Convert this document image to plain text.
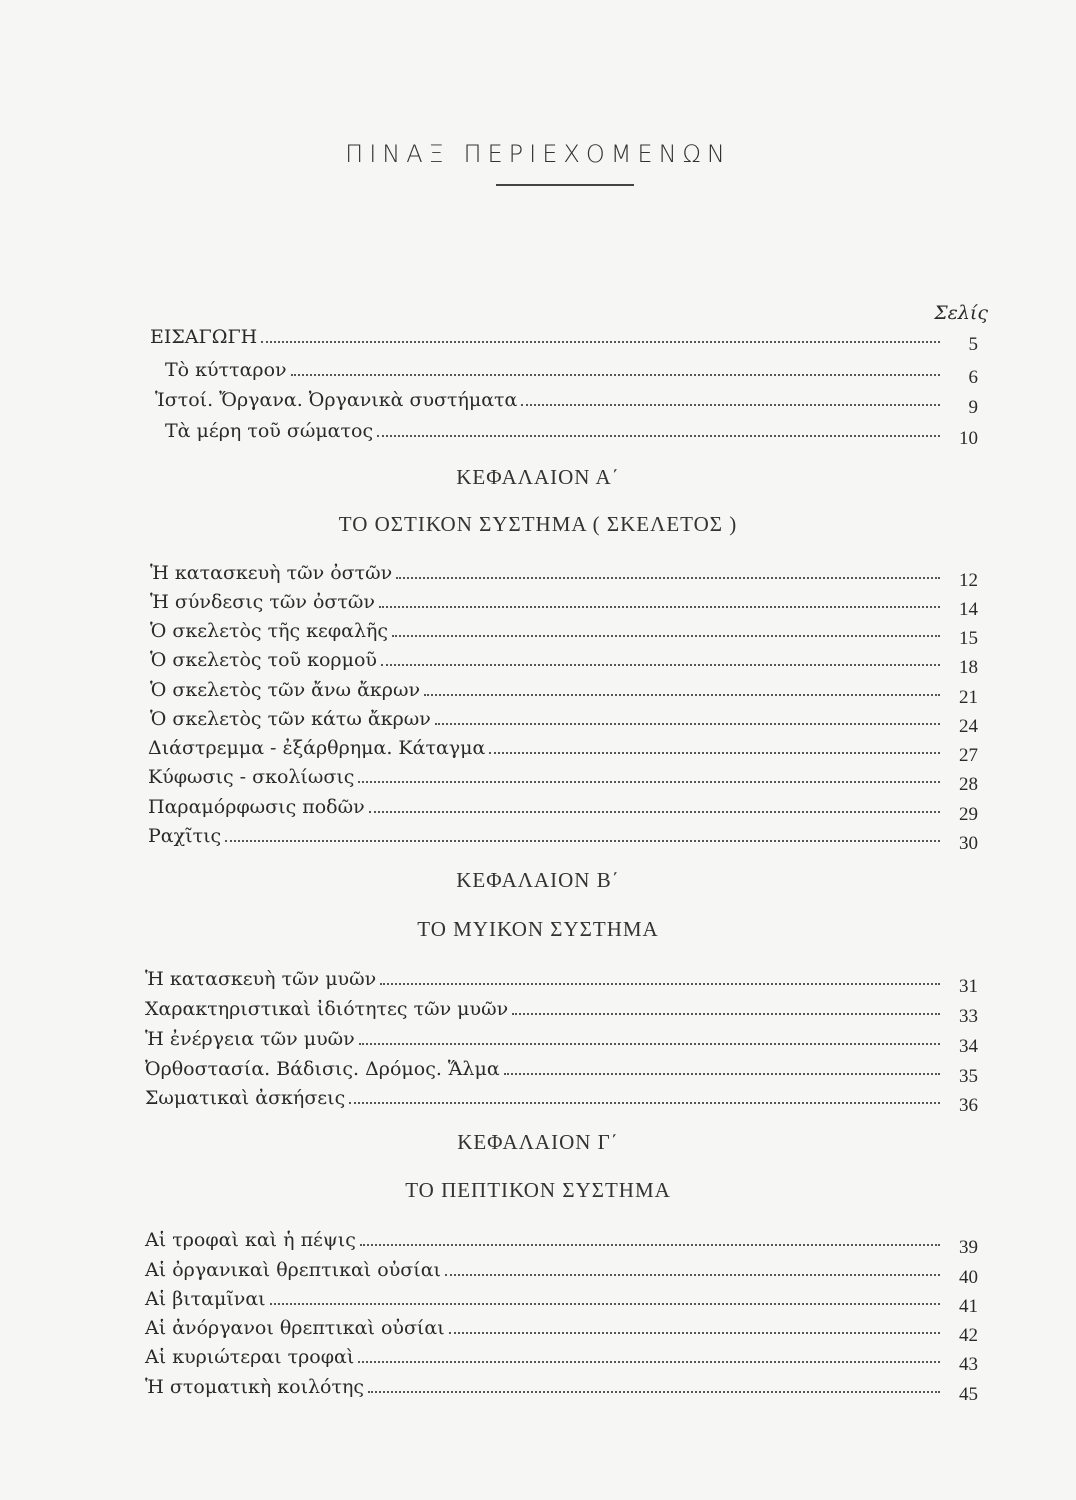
ΠΙΝΑΞ ΠΕΡΙΕΧΟΜΕΝΩΝ
Σελίς
ΕΙΣΑΓΩΓΗ	5
Τὸ κύτταρον	6
Ἱστοί. Ὄργανα. Ὀργανικὰ συστήματα	9
Τὰ μέρη τοῦ σώματος	10
ΚΕΦΑΛΑΙΟΝ Α΄
ΤΟ ΟΣΤΙΚΟΝ ΣΥΣΤΗΜΑ ( ΣΚΕΛΕΤΟΣ )
Ἡ κατασκευὴ τῶν ὀστῶν	12
Ἡ σύνδεσις τῶν ὀστῶν	14
Ὁ σκελετὸς τῆς κεφαλῆς	15
Ὁ σκελετὸς τοῦ κορμοῦ	18
Ὁ σκελετὸς τῶν ἄνω ἄκρων	21
Ὁ σκελετὸς τῶν κάτω ἄκρων	24
Διάστρεμμα - ἐξάρθρημα. Κάταγμα	27
Κύφωσις - σκολίωσις	28
Παραμόρφωσις ποδῶν	29
Ραχῖτις	30
ΚΕΦΑΛΑΙΟΝ Β΄
ΤΟ ΜΥΙΚΟΝ ΣΥΣΤΗΜΑ
Ἡ κατασκευὴ τῶν μυῶν	31
Χαρακτηριστικαὶ ἰδιότητες τῶν μυῶν	33
Ἡ ἐνέργεια τῶν μυῶν	34
Ὀρθοστασία. Βάδισις. Δρόμος. Ἅλμα	35
Σωματικαὶ ἀσκήσεις	36
ΚΕΦΑΛΑΙΟΝ Γ΄
ΤΟ ΠΕΠΤΙΚΟΝ ΣΥΣΤΗΜΑ
Αἱ τροφαὶ καὶ ἡ πέψις	39
Αἱ ὀργανικαὶ θρεπτικαὶ οὐσίαι	40
Αἱ βιταμῖναι	41
Αἱ ἀνόργανοι θρεπτικαὶ οὐσίαι	42
Αἱ κυριώτεραι τροφαὶ	43
Ἡ στοματικὴ κοιλότης	45
